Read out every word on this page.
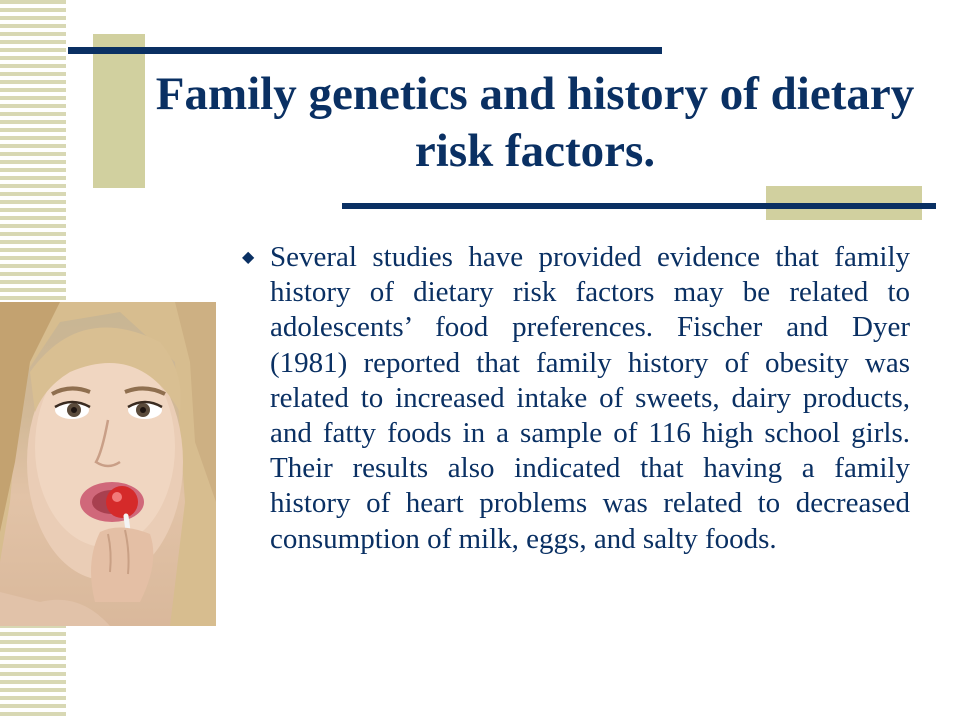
Family genetics and history of dietary risk factors.
◆ Several studies have provided evidence that family history of dietary risk factors may be related to adolescents’ food preferences. Fischer and Dyer (1981) reported that family history of obesity was related to increased intake of sweets, dairy products, and fatty foods in a sample of 116 high school girls. Their results also indicated that having a family history of heart problems was related to decreased consumption of milk, eggs, and salty foods.
